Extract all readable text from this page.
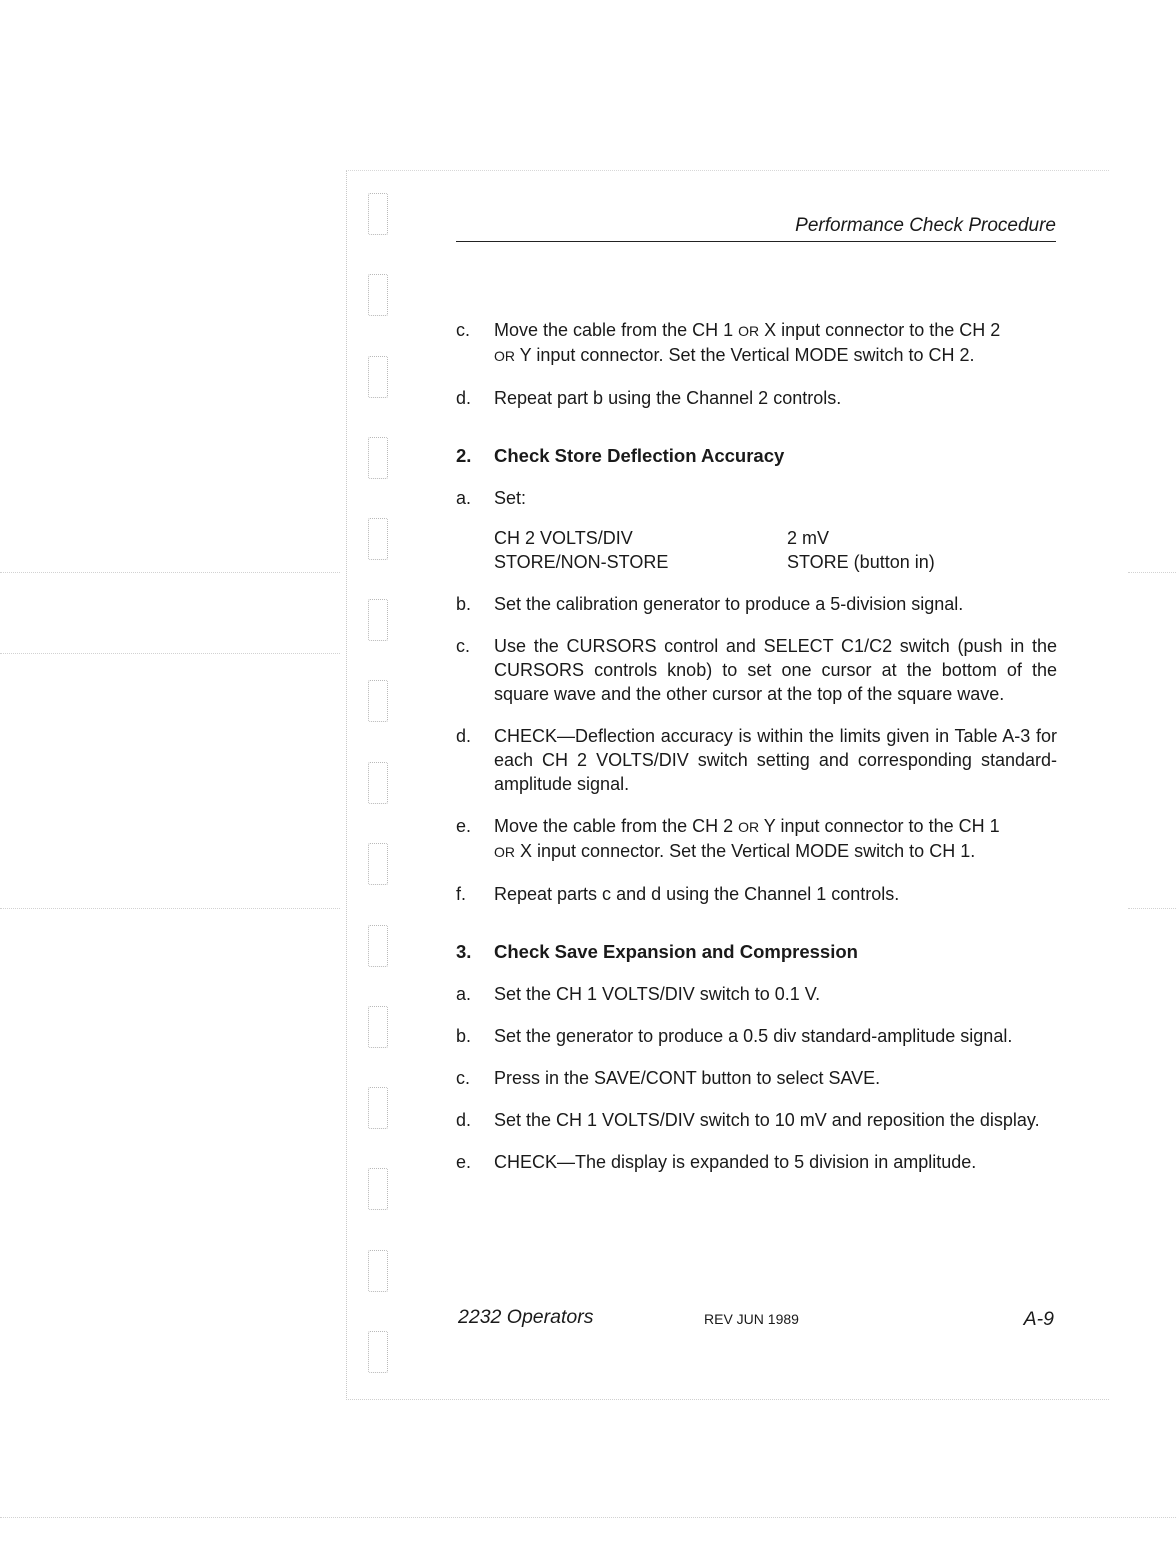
Performance Check Procedure
c. Move the cable from the CH 1 OR X input connector to the CH 2
OR Y input connector. Set the Vertical MODE switch to CH 2.
d. Repeat part b using the Channel 2 controls.
2. Check Store Deflection Accuracy
a. Set:
CH 2 VOLTS/DIV	2 mV
STORE/NON-STORE	STORE (button in)
b. Set the calibration generator to produce a 5-division signal.
c. Use the CURSORS control and SELECT C1/C2 switch (push in the CURSORS controls knob) to set one cursor at the bottom of the square wave and the other cursor at the top of the square wave.
d. CHECK—Deflection accuracy is within the limits given in Table A-3 for each CH 2 VOLTS/DIV switch setting and corresponding standard-amplitude signal.
e. Move the cable from the CH 2 OR Y input connector to the CH 1
OR X input connector. Set the Vertical MODE switch to CH 1.
f. Repeat parts c and d using the Channel 1 controls.
3. Check Save Expansion and Compression
a. Set the CH 1 VOLTS/DIV switch to 0.1 V.
b. Set the generator to produce a 0.5 div standard-amplitude signal.
c. Press in the SAVE/CONT button to select SAVE.
d. Set the CH 1 VOLTS/DIV switch to 10 mV and reposition the display.
e. CHECK—The display is expanded to 5 division in amplitude.
2232 Operators	REV JUN 1989	A-9
